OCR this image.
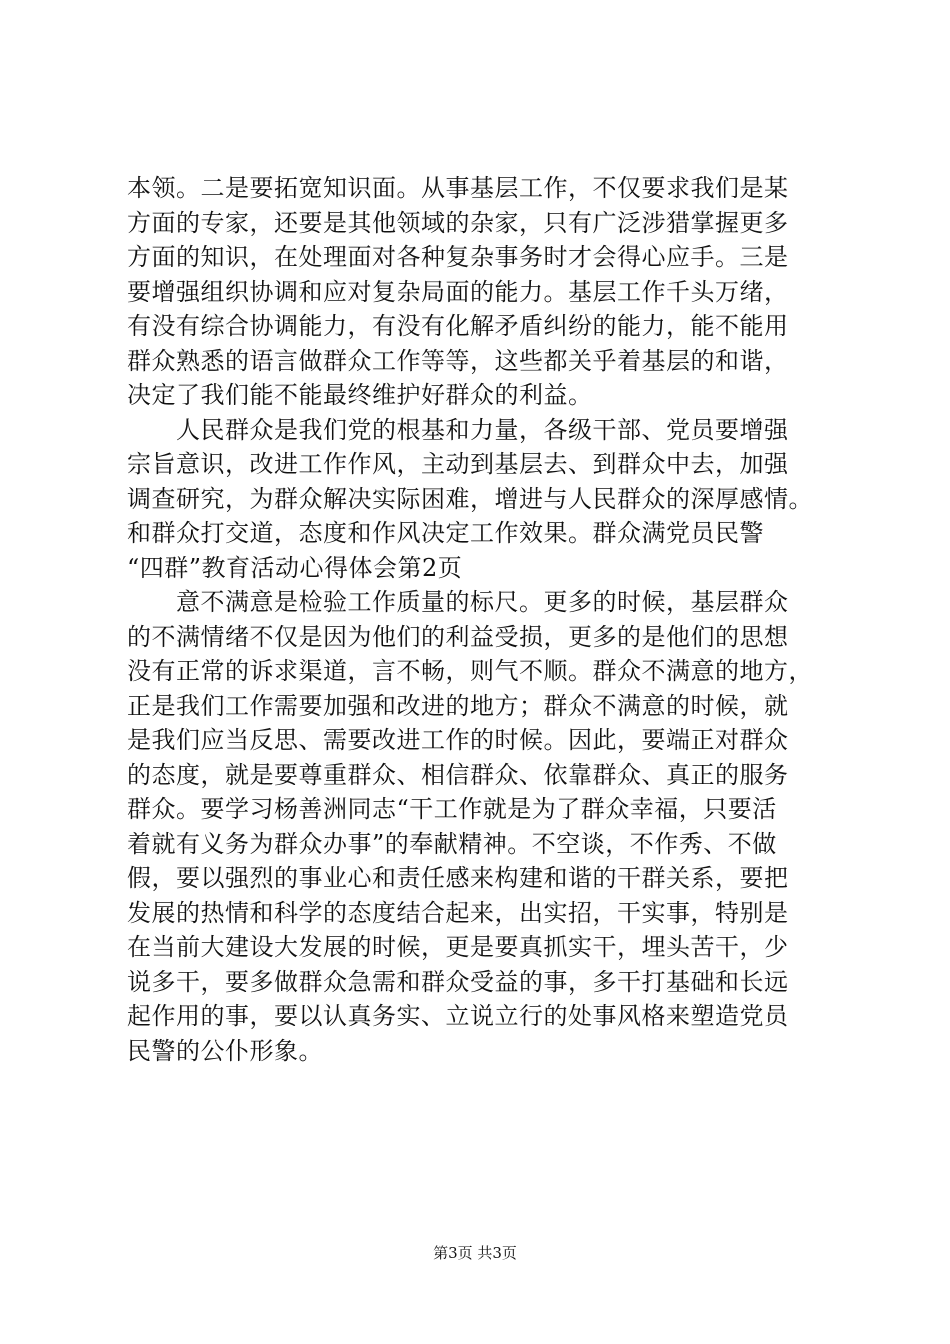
本领。二是要拓宽知识面。从事基层工作，不仅要求我们是某
方面的专家，还要是其他领域的杂家，只有广泛涉猎掌握更多
方面的知识，在处理面对各种复杂事务时才会得心应手。三是
要增强组织协调和应对复杂局面的能力。基层工作千头万绪，
有没有综合协调能力，有没有化解矛盾纠纷的能力，能不能用
群众熟悉的语言做群众工作等等，这些都关乎着基层的和谐，
决定了我们能不能最终维护好群众的利益。
　　人民群众是我们党的根基和力量，各级干部、党员要增强
宗旨意识，改进工作作风，主动到基层去、到群众中去，加强
调查研究，为群众解决实际困难，增进与人民群众的深厚感情。
和群众打交道，态度和作风决定工作效果。群众满党员民警
“四群”教育活动心得体会第2页
　　意不满意是检验工作质量的标尺。更多的时候，基层群众
的不满情绪不仅是因为他们的利益受损，更多的是他们的思想
没有正常的诉求渠道，言不畅，则气不顺。群众不满意的地方，
正是我们工作需要加强和改进的地方；群众不满意的时候，就
是我们应当反思、需要改进工作的时候。因此，要端正对群众
的态度，就是要尊重群众、相信群众、依靠群众、真正的服务
群众。要学习杨善洲同志“干工作就是为了群众幸福，只要活
着就有义务为群众办事”的奉献精神。不空谈，不作秀、不做
假，要以强烈的事业心和责任感来构建和谐的干群关系，要把
发展的热情和科学的态度结合起来，出实招，干实事，特别是
在当前大建设大发展的时候，更是要真抓实干，埋头苦干，少
说多干，要多做群众急需和群众受益的事，多干打基础和长远
起作用的事，要以认真务实、立说立行的处事风格来塑造党员
民警的公仆形象。
第3页 共3页
